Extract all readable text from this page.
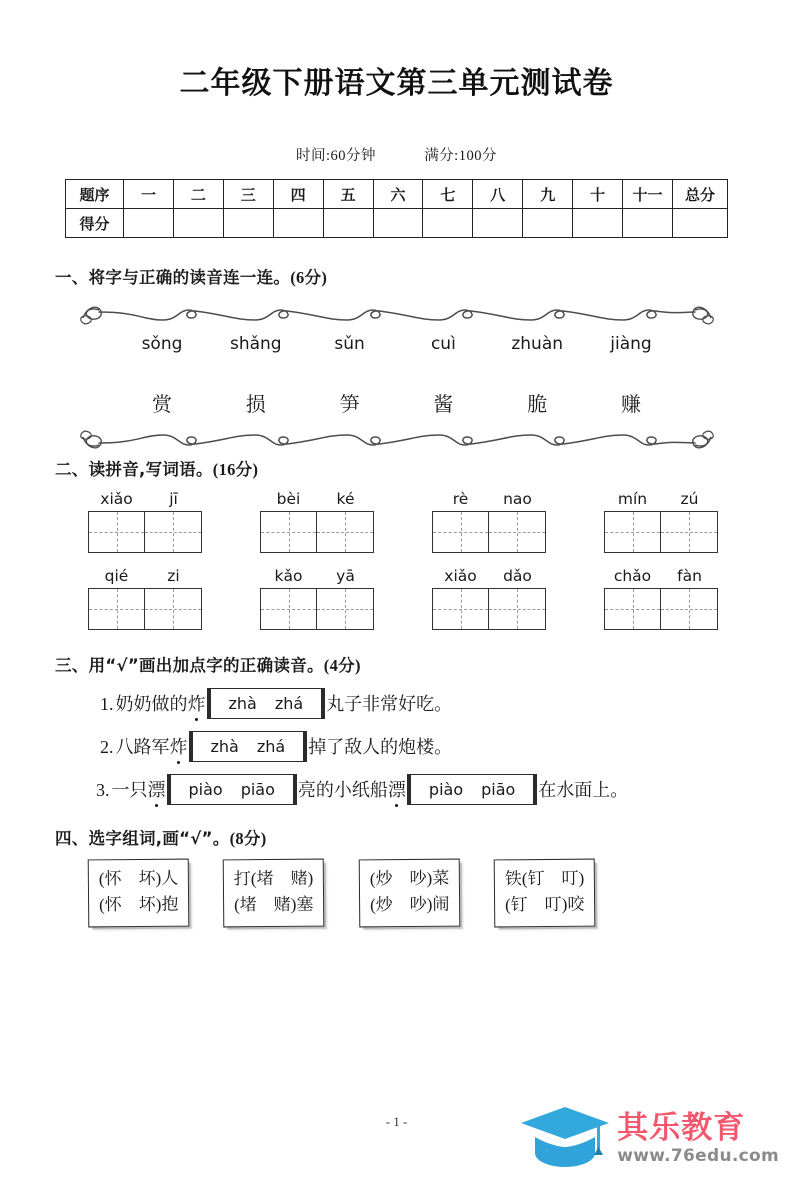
二年级下册语文第三单元测试卷
时间:60分钟	满分:100分
题序	一	二	三	四	五	六	七	八	九	十	十一	总分
得分												
一、将字与正确的读音连一连。(6分)
sǒng	shǎng	sǔn	cuì	zhuàn	jiàng
赏	损	笋	酱	脆	赚
二、读拼音,写词语。(16分)
xiǎo	jī	bèi	ké	rè	nao	mín	zú
qié	zi	kǎo	yā	xiǎo	dǎo	chǎo	fàn
三、用“√”画出加点字的正确读音。(4分)
1. 奶奶做的 炸	zhà	zhá	丸子非常好吃。
2. 八路军 炸	zhà	zhá	掉了敌人的炮楼。
3. 一只 漂	piào	piāo	亮的小纸船 漂	piào	piāo	在水面上。
四、选字组词,画“√”。(8分)
(怀　坏)人
(怀　坏)抱
打(堵　赌)
(堵　赌)塞
(炒　吵)菜
(炒　吵)闹
铁(钉　叮)
(钉　叮)咬
- 1 -	其乐教育
www.76edu.com
